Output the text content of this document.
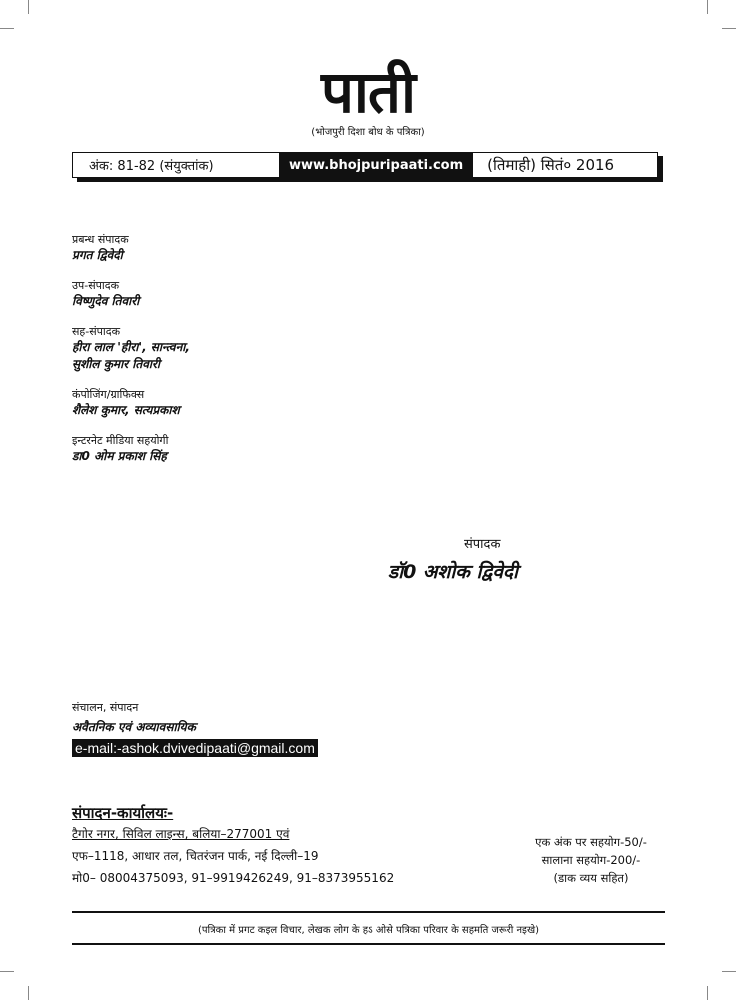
पाती
(भोजपुरी दिशा बोध के पत्रिका)
अंक: 81-82 (संयुक्तांक)	www.bhojpuripaati.com	(तिमाही) सितं० 2016
प्रबन्ध संपादक
प्रगत द्विवेदी
उप-संपादक
विष्णुदेव तिवारी
सह-संपादक
हीरा लाल 'हीरा', सान्त्वना,
सुशील कुमार तिवारी
कंपोजिंग/ग्राफिक्स
शैलेश कुमार, सत्यप्रकाश
इन्टरनेट मीडिया सहयोगी
डा0 ओम प्रकाश सिंह
संपादक
डॉ0 अशोक द्विवेदी
संचालन, संपादन
अवैतनिक एवं अव्यावसायिक
e-mail:-ashok.dvivedipaati@gmail.com
संपादन-कार्यालयः-
टैगोर नगर, सिविल लाइन्स, बलिया–277001 एवं
एफ–1118, आधार तल, चितरंजन पार्क, नई दिल्ली–19
मो0– 08004375093, 91–9919426249, 91–8373955162
एक अंक पर सहयोग-50/-
सालाना सहयोग-200/-
(डाक व्यय सहित)
(पत्रिका में प्रगट कइल विचार, लेखक लोग के हऽ ओसे पत्रिका परिवार के सहमति जरूरी नइखे)
